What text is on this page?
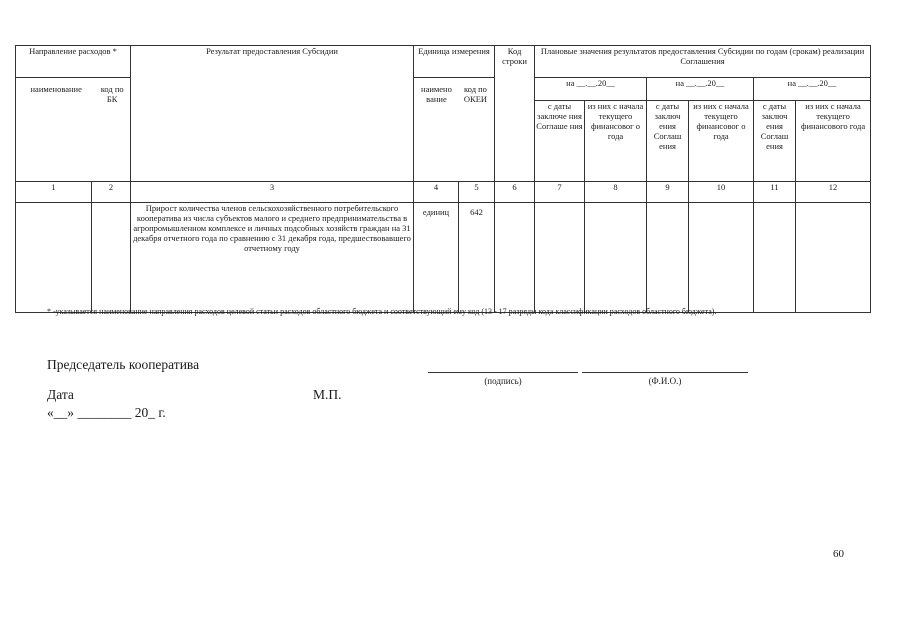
Направление расходов *	Результат предоставления Субсидии	Единица измерения	Код строки	Плановые значения результатов предоставления Субсидии по годам (срокам) реализации Соглашения

наименование	код по БК

наимено вание	код по ОКЕИ
	на __.__.20__	на __.__.20__	на __.__.20__
с даты заключе ния Соглаше ния	из них с начала текущего финансовог о года	с даты заключ ения Соглаш ения	из них с начала текущего финансовог о года	с даты заключ ения Соглаш ения	из них с начала текущего финансового года
1	2	3	4	5	6	7	8	9	10	11	12
		Прирост количества членов сельскохозяйственного потребительского кооператива из числа субъектов малого и среднего предпринимательства в агропромышленном комплексе и личных подсобных хозяйств граждан на 31 декабря отчетного года по сравнению с 31 декабря года, предшествовавшего отчетному году	единиц	642							
* -указывается наименование направления расходов целевой статьи расходов областного бюджета и соответствующий ему код (13 - 17 разряды кода классификации расходов областного бюджета).
Председатель кооператива
(подпись)	(Ф.И.О.)
Дата	М.П.
«__» ________ 20_ г.
60
